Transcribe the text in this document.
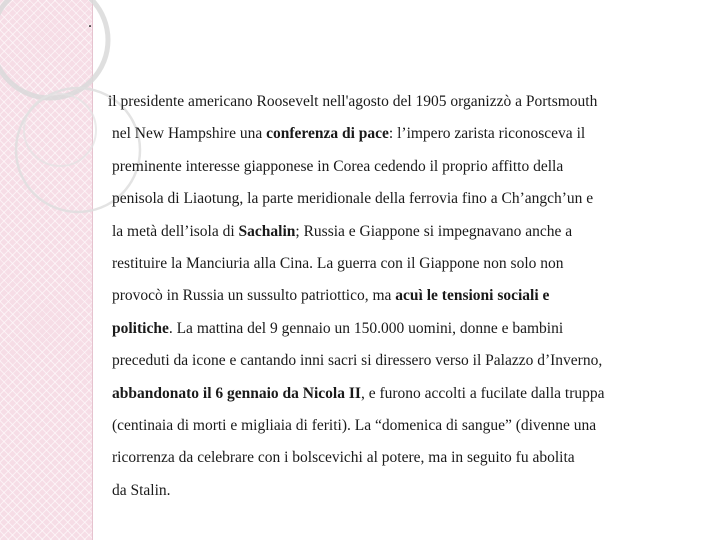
.
il presidente americano Roosevelt nell'agosto del 1905 organizzò a Portsmouth
nel New Hampshire una conferenza di pace: l’impero zarista riconosceva il
preminente interesse giapponese in Corea cedendo il proprio affitto della
penisola di Liaotung, la parte meridionale della ferrovia fino a Ch’angch’un e
la metà dell’isola di Sachalin; Russia e Giappone si impegnavano anche a
restituire la Manciuria alla Cina. La guerra con il Giappone non solo non
provocò in Russia un sussulto patriottico, ma acuì le tensioni sociali e
politiche. La mattina del 9 gennaio un 150.000 uomini, donne e bambini
preceduti da icone e cantando inni sacri si diressero verso il Palazzo d’Inverno,
abbandonato il 6 gennaio da Nicola II, e furono accolti a fucilate dalla truppa
(centinaia di morti e migliaia di feriti). La “domenica di sangue” (divenne una
ricorrenza da celebrare con i bolscevichi al potere, ma in seguito fu abolita
da Stalin.
